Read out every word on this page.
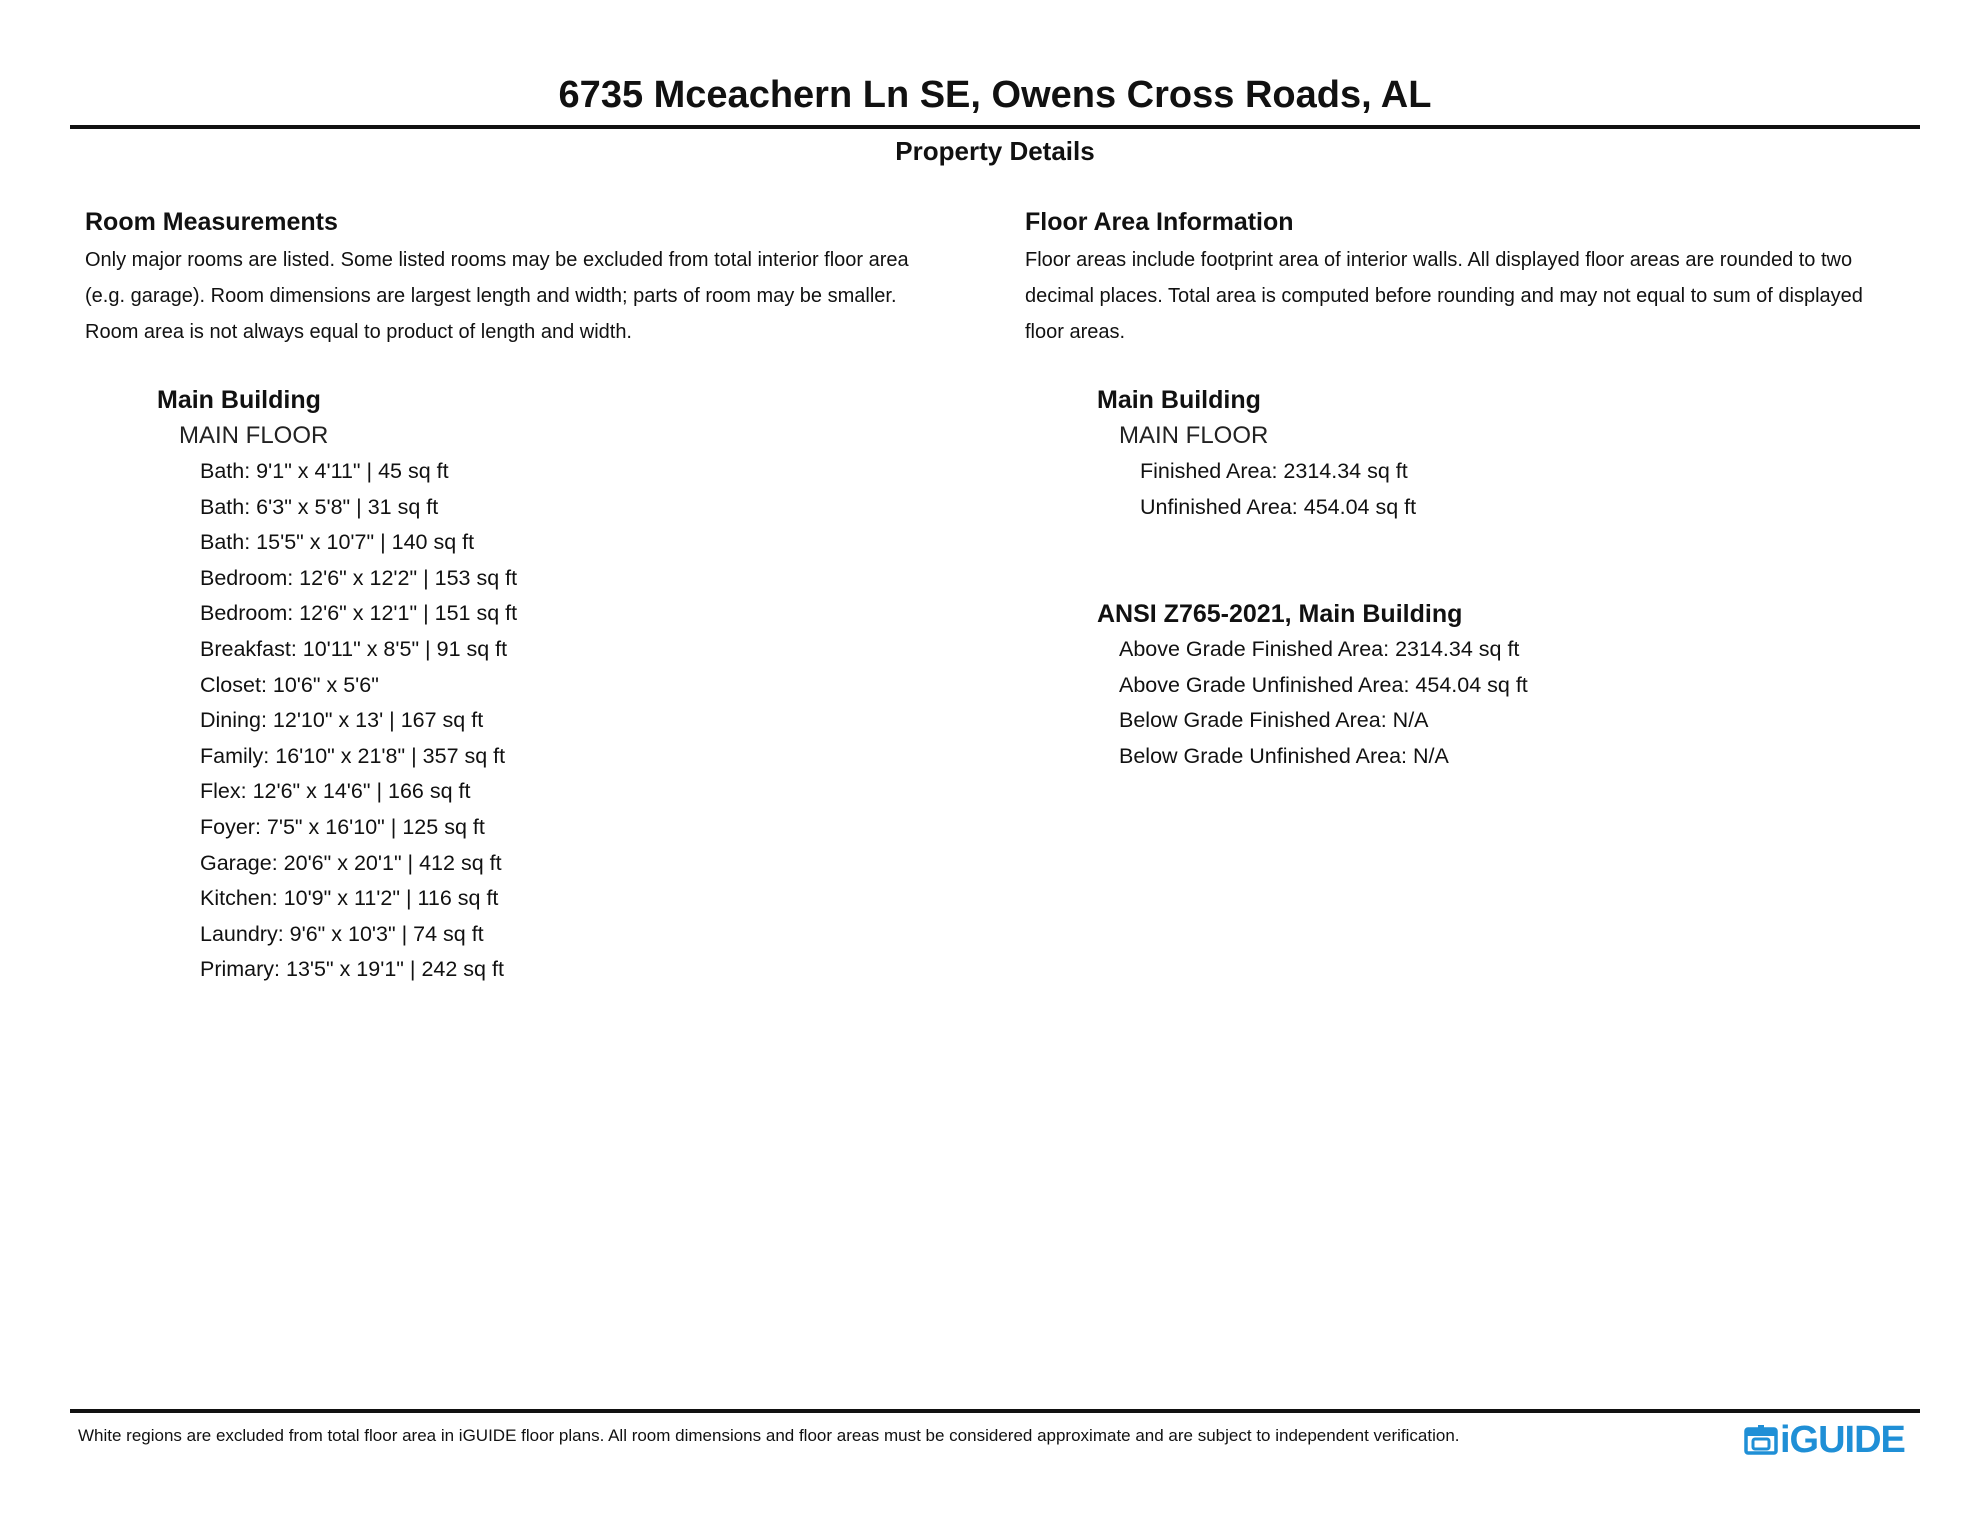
6735 Mceachern Ln SE, Owens Cross Roads, AL
Property Details
Room Measurements
Only major rooms are listed. Some listed rooms may be excluded from total interior floor area
(e.g. garage). Room dimensions are largest length and width; parts of room may be smaller.
Room area is not always equal to product of length and width.
Main Building
MAIN FLOOR
Bath: 9'1" x 4'11" | 45 sq ft
Bath: 6'3" x 5'8" | 31 sq ft
Bath: 15'5" x 10'7" | 140 sq ft
Bedroom: 12'6" x 12'2" | 153 sq ft
Bedroom: 12'6" x 12'1" | 151 sq ft
Breakfast: 10'11" x 8'5" | 91 sq ft
Closet: 10'6" x 5'6"
Dining: 12'10" x 13' | 167 sq ft
Family: 16'10" x 21'8" | 357 sq ft
Flex: 12'6" x 14'6" | 166 sq ft
Foyer: 7'5" x 16'10" | 125 sq ft
Garage: 20'6" x 20'1" | 412 sq ft
Kitchen: 10'9" x 11'2" | 116 sq ft
Laundry: 9'6" x 10'3" | 74 sq ft
Primary: 13'5" x 19'1" | 242 sq ft
Floor Area Information
Floor areas include footprint area of interior walls. All displayed floor areas are rounded to two
decimal places. Total area is computed before rounding and may not equal to sum of displayed
floor areas.
Main Building
MAIN FLOOR
Finished Area: 2314.34 sq ft
Unfinished Area: 454.04 sq ft
ANSI Z765-2021, Main Building
Above Grade Finished Area: 2314.34 sq ft
Above Grade Unfinished Area: 454.04 sq ft
Below Grade Finished Area: N/A
Below Grade Unfinished Area: N/A
White regions are excluded from total floor area in iGUIDE floor plans. All room dimensions and floor areas must be considered approximate and are subject to independent verification.	iGUIDE
